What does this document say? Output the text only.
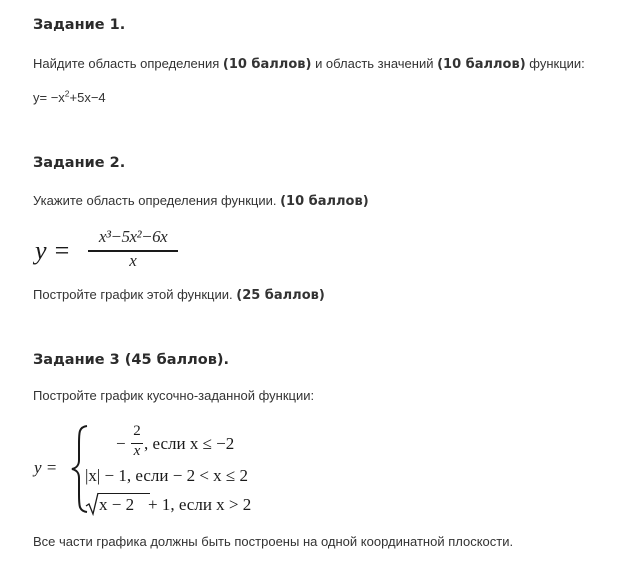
Задание 1.
Найдите область определения (10 баллов) и область значений (10 баллов) функции:
$y= -x^2+5x-4$
Задание 2.
Укажите область определения функции. (10 баллов)
y =	x³−5x²−6x
x
Постройте график этой функции. (25 баллов)
Задание 3 (45 баллов).
Постройте график кусочно-заданной функции:
y =
−
2
x , если x ≤ −2
|x| − 1, если − 2 < x ≤ 2
x − 2 + 1, если x > 2
Все части графика должны быть построены на одной координатной плоскости.
